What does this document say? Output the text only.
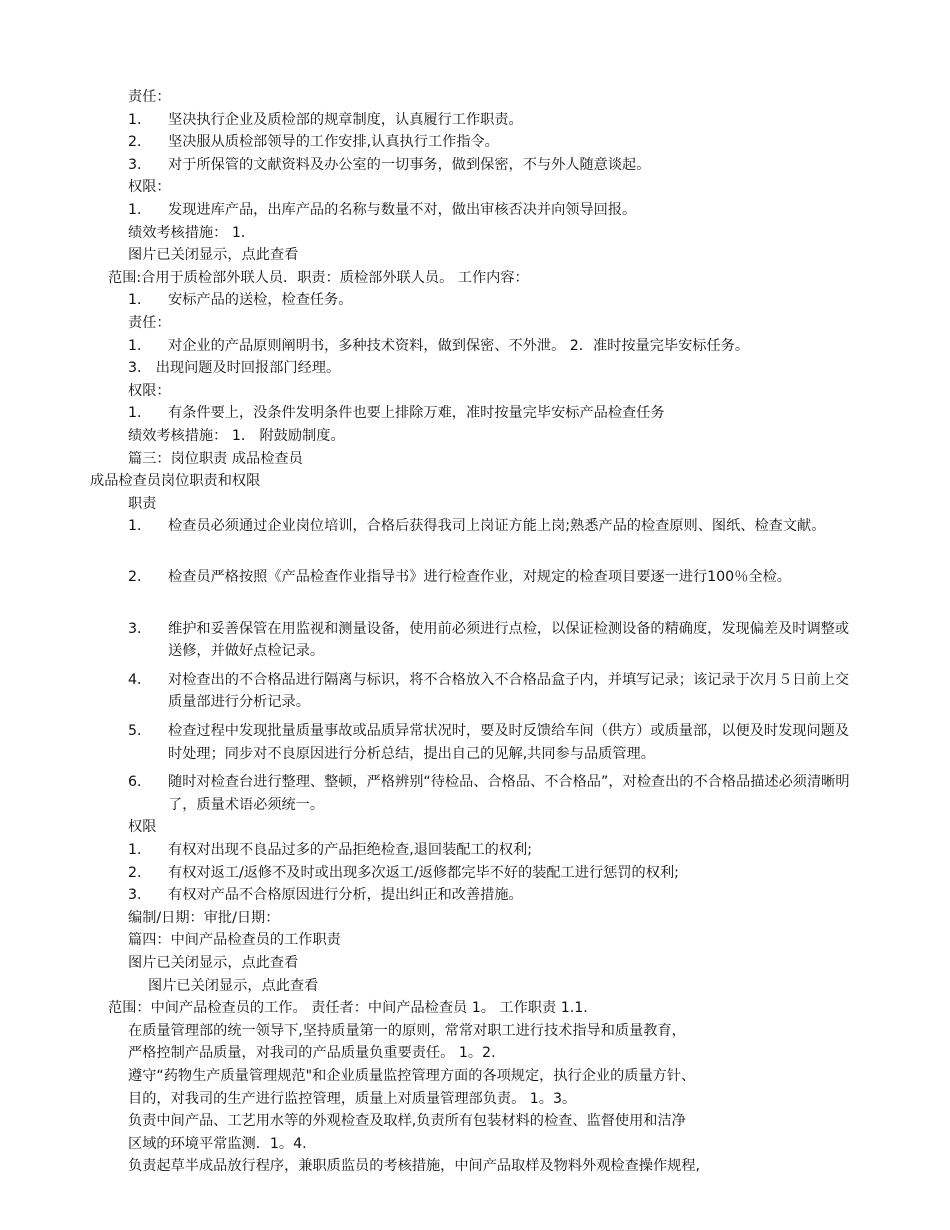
责任：
1． 坚决执行企业及质检部的规章制度，认真履行工作职责。
2． 坚决服从质检部领导的工作安排,认真执行工作指令。
3． 对于所保管的文献资料及办公室的一切事务，做到保密，不与外人随意谈起。
权限：
1． 发现进库产品，出库产品的名称与数量不对，做出审核否决并向领导回报。
绩效考核措施： 1．
图片已关闭显示，点此查看
范围:合用于质检部外联人员．职责：质检部外联人员。 工作内容：
1． 安标产品的送检，检查任务。
责任：
1． 对企业的产品原则阐明书，多种技术资料，做到保密、不外泄。 2．准时按量完毕安标任务。
3． 出现问题及时回报部门经理。
权限：
1． 有条件要上，没条件发明条件也要上排除万难，准时按量完毕安标产品检查任务
绩效考核措施： 1． 附鼓励制度。
篇三：岗位职责 成品检查员
成品检查员岗位职责和权限
职责
1．	检查员必须通过企业岗位培训，合格后获得我司上岗证方能上岗;熟悉产品的检查原则、图纸、检查文献。
2．	检查员严格按照《产品检查作业指导书》进行检查作业，对规定的检查项目要逐一进行100％全检。
3．	维护和妥善保管在用监视和测量设备，使用前必须进行点检，以保证检测设备的精确度，发现偏差及时调整或送修，并做好点检记录。
4．	对检查出的不合格品进行隔离与标识，将不合格放入不合格品盒子内，并填写记录；该记录于次月５日前上交质量部进行分析记录。
5．	检查过程中发现批量质量事故或品质异常状况时，要及时反馈给车间（供方）或质量部，以便及时发现问题及时处理；同步对不良原因进行分析总结，提出自己的见解,共同参与品质管理。
6．	随时对检查台进行整理、整顿，严格辨别“待检品、合格品、不合格品”，对检查出的不合格品描述必须清晰明了，质量术语必须统一。
权限
1． 有权对出现不良品过多的产品拒绝检查,退回装配工的权利;
2． 有权对返工/返修不及时或出现多次返工/返修都完毕不好的装配工进行惩罚的权利;
3． 有权对产品不合格原因进行分析，提出纠正和改善措施。
编制/日期：审批/日期：
篇四：中间产品检查员的工作职责
图片已关闭显示，点此查看
图片已关闭显示，点此查看
范围：中间产品检查员的工作。 责任者：中间产品检查员 1。 工作职责 1.1.
在质量管理部的统一领导下,坚持质量第一的原则，常常对职工进行技术指导和质量教育，
严格控制产品质量，对我司的产品质量负重要责任。 1。2.
遵守“药物生产质量管理规范"和企业质量监控管理方面的各项规定，执行企业的质量方针、
目的，对我司的生产进行监控管理，质量上对质量管理部负责。 1。3。
负责中间产品、工艺用水等的外观检查及取样,负责所有包装材料的检查、监督使用和洁净
区域的环境平常监测．1。4.
负责起草半成品放行程序，兼职质监员的考核措施，中间产品取样及物料外观检查操作规程,
